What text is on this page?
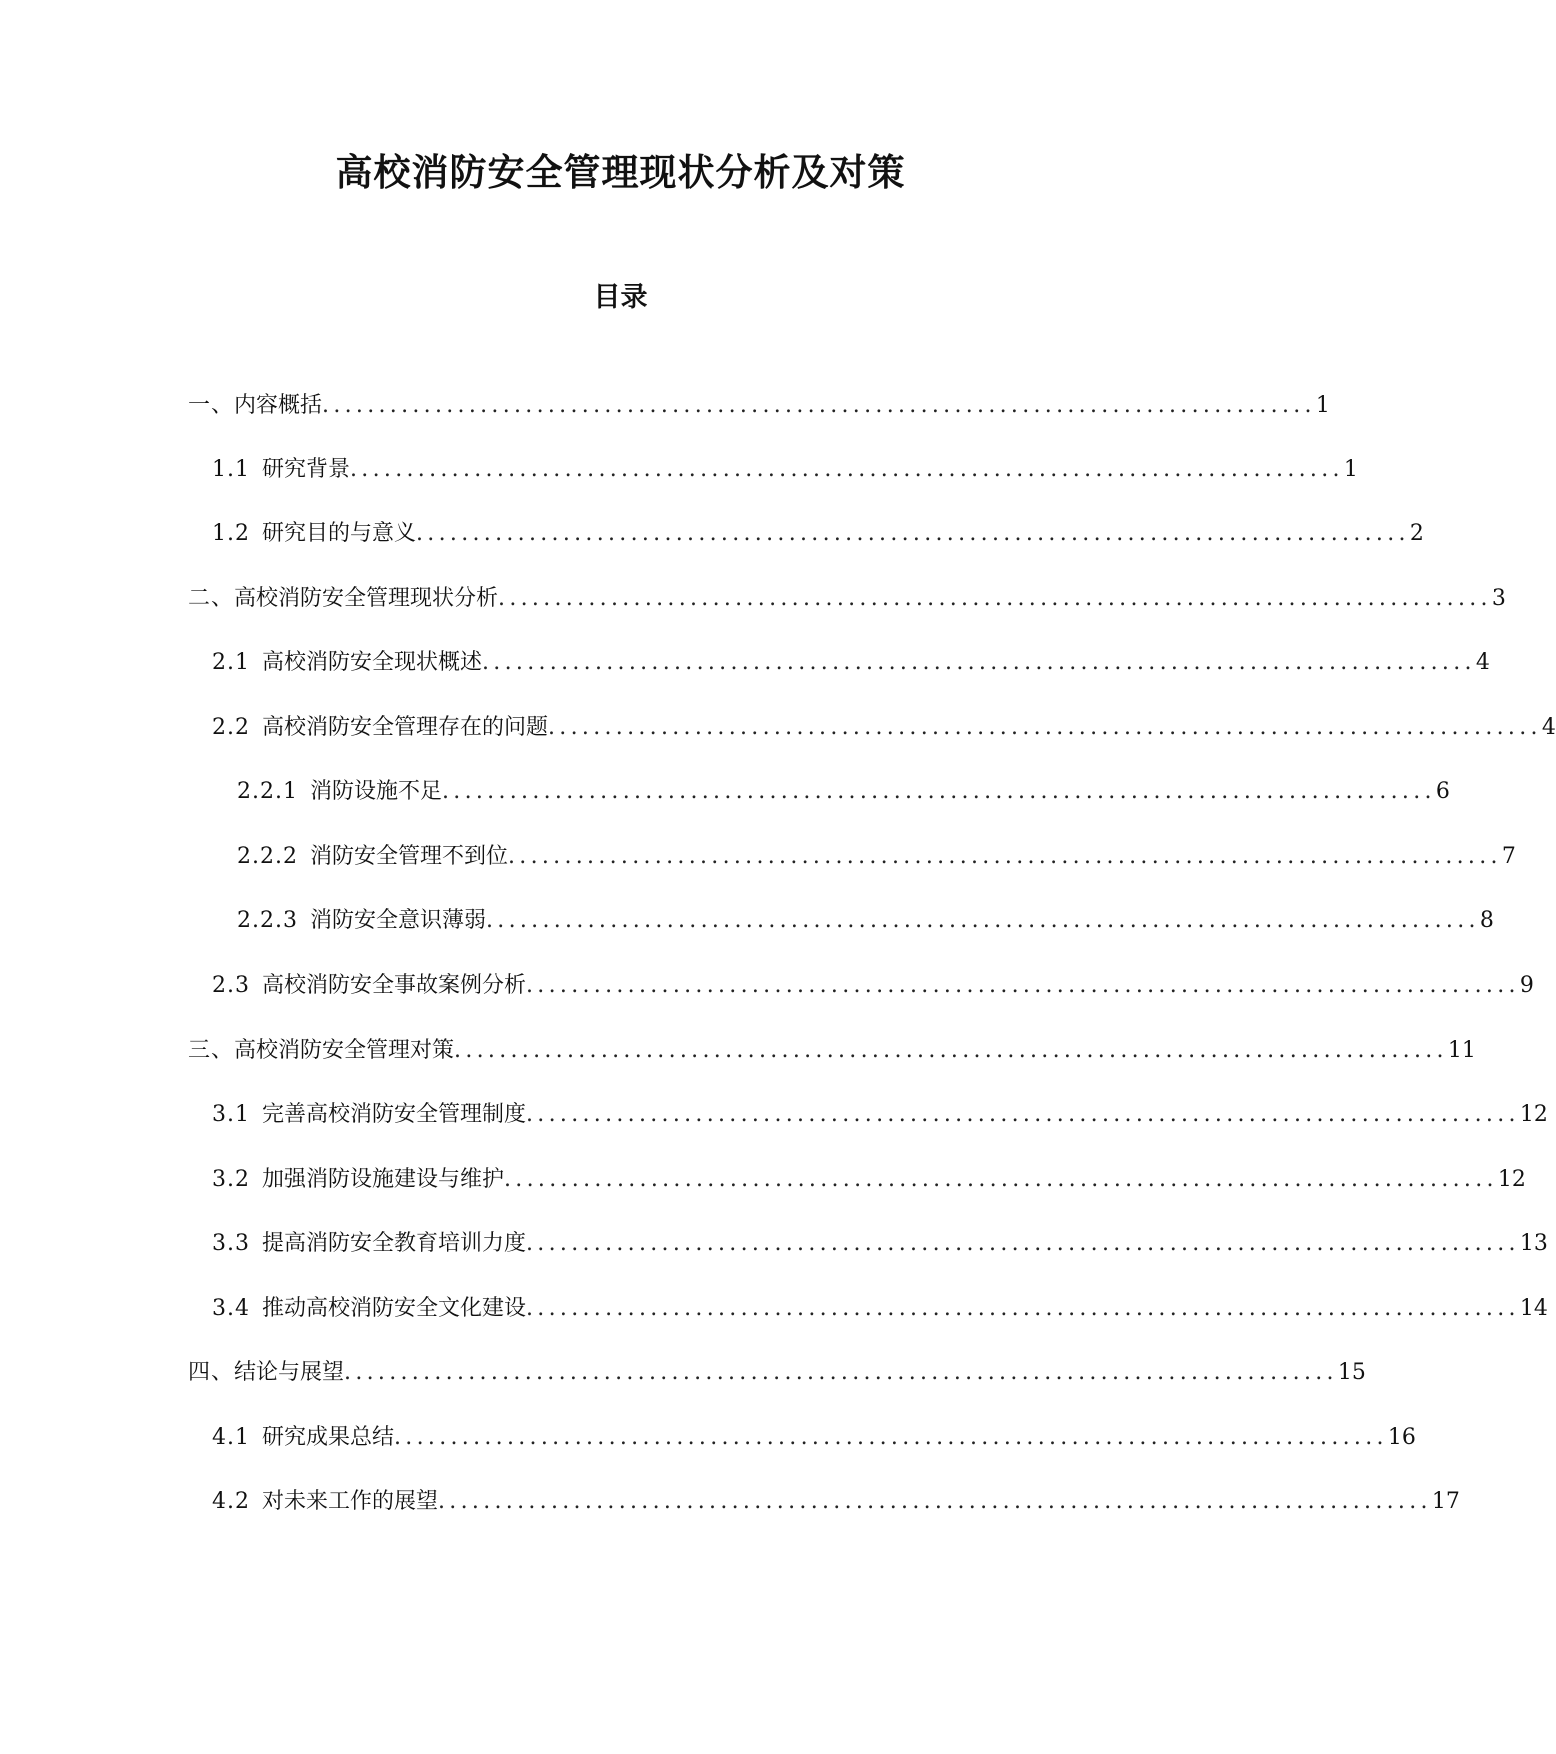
高校消防安全管理现状分析及对策
目录
一、内容概括 ........................................................................................ 1
1.1 研究背景 ........................................................................................ 1
1.2 研究目的与意义 ........................................................................................ 2
二、高校消防安全管理现状分析 ........................................................................................ 3
2.1 高校消防安全现状概述 ........................................................................................ 4
2.2 高校消防安全管理存在的问题 ........................................................................................ 4
2.2.1 消防设施不足 ........................................................................................ 6
2.2.2 消防安全管理不到位 ........................................................................................ 7
2.2.3 消防安全意识薄弱 ........................................................................................ 8
2.3 高校消防安全事故案例分析 ........................................................................................ 9
三、高校消防安全管理对策 ........................................................................................ 11
3.1 完善高校消防安全管理制度 ........................................................................................ 12
3.2 加强消防设施建设与维护 ........................................................................................ 12
3.3 提高消防安全教育培训力度 ........................................................................................ 13
3.4 推动高校消防安全文化建设 ........................................................................................ 14
四、结论与展望 ........................................................................................ 15
4.1 研究成果总结 ........................................................................................ 16
4.2 对未来工作的展望 ........................................................................................ 17
